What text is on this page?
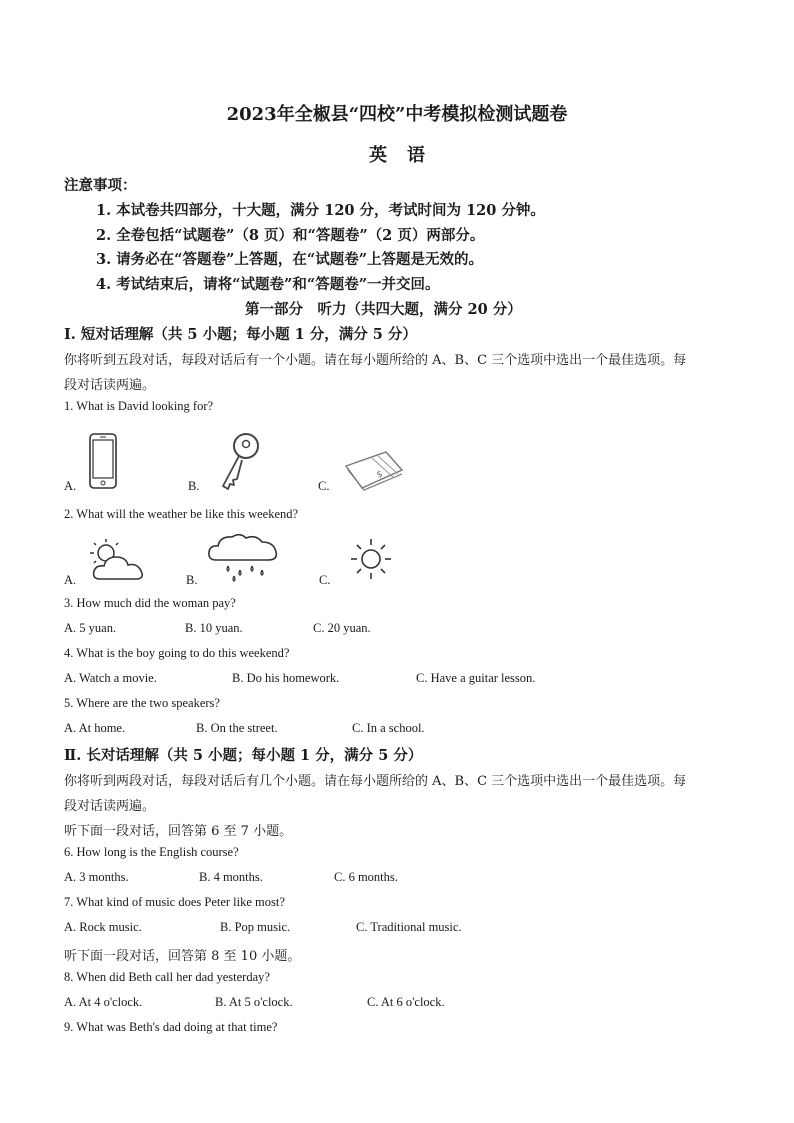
2023年全椒县“四校”中考模拟检测试题卷
英语
注意事项：
1. 本试卷共四部分，十大题，满分 120 分，考试时间为 120 分钟。
2. 全卷包括“试题卷”（8 页）和“答题卷”（2 页）两部分。
3. 请务必在“答题卷”上答题，在“试题卷”上答题是无效的。
4. 考试结束后，请将“试题卷”和“答题卷”一并交回。
第一部分　听力（共四大题，满分 20 分）
I. 短对话理解（共 5 小题；每小题 1 分，满分 5 分）
你将听到五段对话，每段对话后有一个小题。请在每小题所给的 A、B、C 三个选项中选出一个最佳选项。每
段对话读两遍。
1. What is David looking for?
A.	B.	C.
$
2. What will the weather be like this weekend?
A.	B.	C.
3. How much did the woman pay?
A. 5 yuan.	B. 10 yuan.	C. 20 yuan.
4. What is the boy going to do this weekend?
A. Watch a movie.	B. Do his homework.	C. Have a guitar lesson.
5. Where are the two speakers?
A. At home.	B. On the street.	C. In a school.
Ⅱ. 长对话理解（共 5 小题；每小题 1 分，满分 5 分）
你将听到两段对话，每段对话后有几个小题。请在每小题所给的 A、B、C 三个选项中选出一个最佳选项。每
段对话读两遍。
听下面一段对话，回答第 6 至 7 小题。
6. How long is the English course?
A. 3 months.	B. 4 months.	C. 6 months.
7. What kind of music does Peter like most?
A. Rock music.	B. Pop music.	C. Traditional music.
听下面一段对话，回答第 8 至 10 小题。
8. When did Beth call her dad yesterday?
A. At 4 o'clock.	B. At 5 o'clock.	C. At 6 o'clock.
9. What was Beth's dad doing at that time?
